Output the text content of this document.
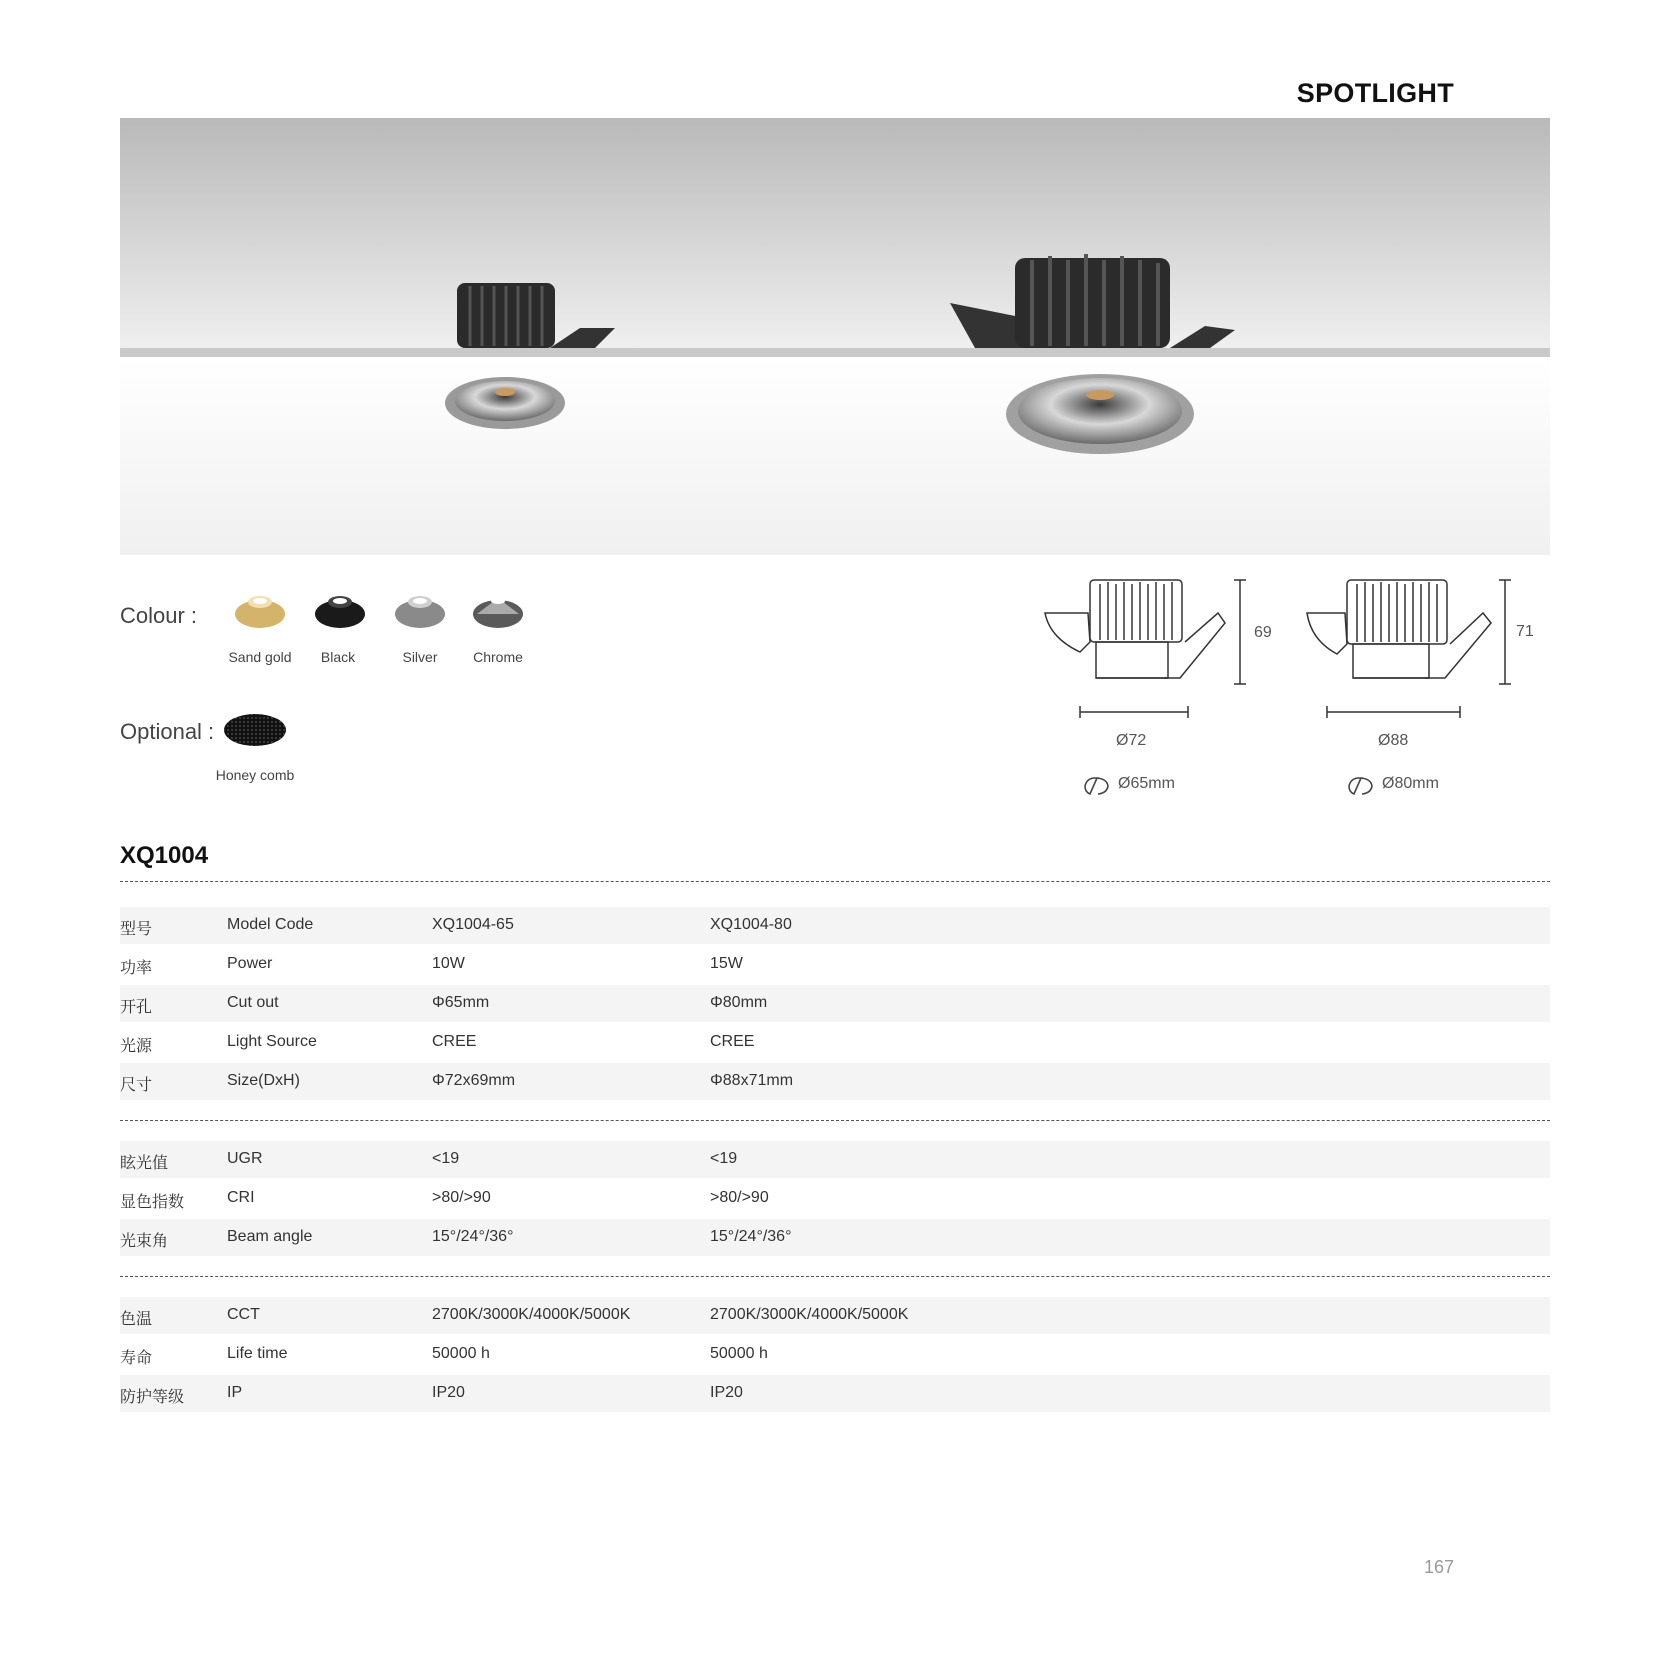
SPOTLIGHT
Colour :
Sand gold	Black	Silver	Chrome
Optional :
Honey comb
69
Ø72
Ø65mm
71
Ø88
Ø80mm
XQ1004
型号	Model Code	XQ1004-65	XQ1004-80
功率	Power	10W	15W
开孔	Cut out	Φ65mm	Φ80mm
光源	Light Source	CREE	CREE
尺寸	Size(DxH)	Φ72x69mm	Φ88x71mm
眩光值	UGR	<19	<19
显色指数	CRI	>80/>90	>80/>90
光束角	Beam angle	15°/24°/36°	15°/24°/36°
色温	CCT	2700K/3000K/4000K/5000K	2700K/3000K/4000K/5000K
寿命	Life time	50000 h	50000 h
防护等级	IP	IP20	IP20
167
